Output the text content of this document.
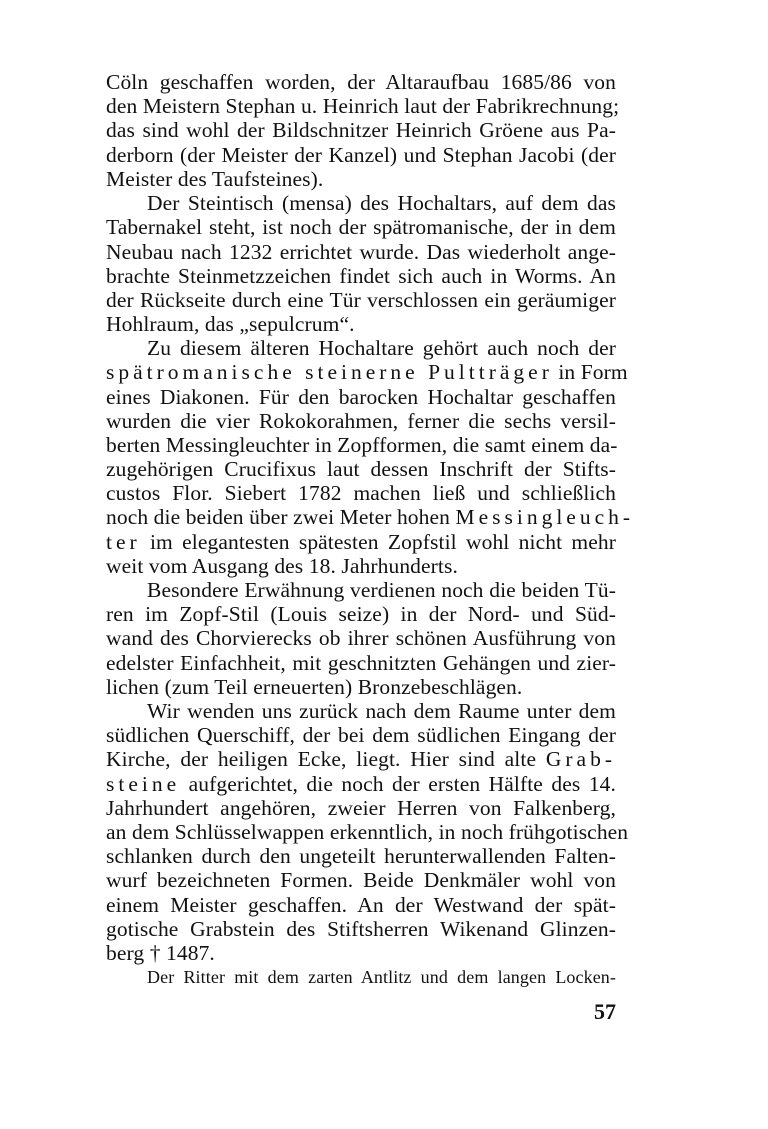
Cöln geschaffen worden, der Altaraufbau 1685/86 von
den Meistern Stephan u. Heinrich laut der Fabrikrechnung;
das sind wohl der Bildschnitzer Heinrich Gröene aus Pa-
derborn (der Meister der Kanzel) und Stephan Jacobi (der
Meister des Taufsteines).
Der Steintisch (mensa) des Hochaltars, auf dem das
Tabernakel steht, ist noch der spätromanische, der in dem
Neubau nach 1232 errichtet wurde. Das wiederholt ange-
brachte Steinmetzzeichen findet sich auch in Worms. An
der Rückseite durch eine Tür verschlossen ein geräumiger
Hohlraum, das „sepulcrum“.
Zu diesem älteren Hochaltare gehört auch noch der
spätromanische steinerne Pultträger in Form
eines Diakonen. Für den barocken Hochaltar geschaffen
wurden die vier Rokokorahmen, ferner die sechs versil-
berten Messingleuchter in Zopfformen, die samt einem da-
zugehörigen Crucifixus laut dessen Inschrift der Stifts-
custos Flor. Siebert 1782 machen ließ und schließlich
noch die beiden über zwei Meter hohen Messingleuch-
ter im elegantesten spätesten Zopfstil wohl nicht mehr
weit vom Ausgang des 18. Jahrhunderts.
Besondere Erwähnung verdienen noch die beiden Tü-
ren im Zopf-Stil (Louis seize) in der Nord- und Süd-
wand des Chorvierecks ob ihrer schönen Ausführung von
edelster Einfachheit, mit geschnitzten Gehängen und zier-
lichen (zum Teil erneuerten) Bronzebeschlägen.
Wir wenden uns zurück nach dem Raume unter dem
südlichen Querschiff, der bei dem südlichen Eingang der
Kirche, der heiligen Ecke, liegt. Hier sind alte Grab-
steine aufgerichtet, die noch der ersten Hälfte des 14.
Jahrhundert angehören, zweier Herren von Falkenberg,
an dem Schlüsselwappen erkenntlich, in noch frühgotischen
schlanken durch den ungeteilt herunterwallenden Falten-
wurf bezeichneten Formen. Beide Denkmäler wohl von
einem Meister geschaffen. An der Westwand der spät-
gotische Grabstein des Stiftsherren Wikenand Glinzen-
berg † 1487.
Der Ritter mit dem zarten Antlitz und dem langen Locken-
57
